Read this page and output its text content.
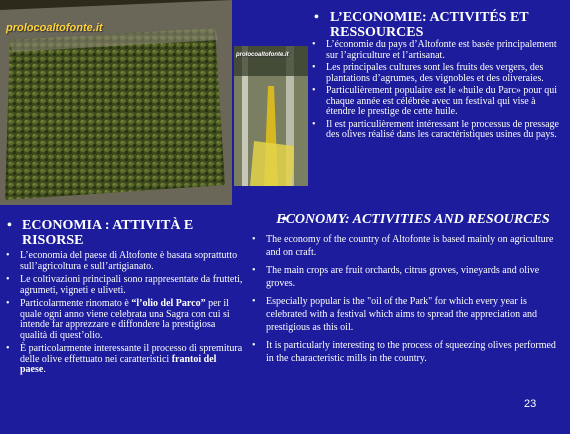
prolocoaltofonte.it
prolocoaltofonte.it
• L’ECONOMIE: ACTIVITÉS ET RESSOURCES
• L’économie du pays d’Altofonte est basée principalement sur l’agriculture et l’artisanat.
• Les principales cultures sont les fruits des vergers, des plantations d’agrumes, des vignobles et des oliveraies.
• Particulièrement populaire est le «huile du Parc» pour qui chaque année est célébrée avec un festival qui vise à étendre le prestige de cette huile.
• Il est particulièrement intéressant le processus de pressage des olives réalisé dans les caractéristiques usines du pays.
• ECONOMIA : ATTIVITÀ E RISORSE
• L’economia del paese di Altofonte è basata soprattutto sull’agricoltura e sull’artigianato.
• Le coltivazioni principali sono rappresentate da frutteti, agrumeti, vigneti e uliveti.
• Particolarmente rinomato è “l’olio del Parco” per il quale ogni anno viene celebrata una Sagra con cui si intende far apprezzare e diffondere la prestigiosa qualità di quest’olio.
• È particolarmente interessante il processo di spremitura delle olive effettuato nei caratteristici frantoi del paese.
• ECONOMY: ACTIVITIES AND RESOURCES
• The economy of the country of Altofonte is based mainly on agriculture and on craft.
• The main crops are fruit orchards, citrus groves, vineyards and olive groves.
• Especially popular is the "oil of the Park" for which every year is celebrated with a festival which aims to spread the appreciation and prestigious as this oil.
• It is particularly interesting to the process of squeezing olives performed in the characteristic mills in the country.
23
